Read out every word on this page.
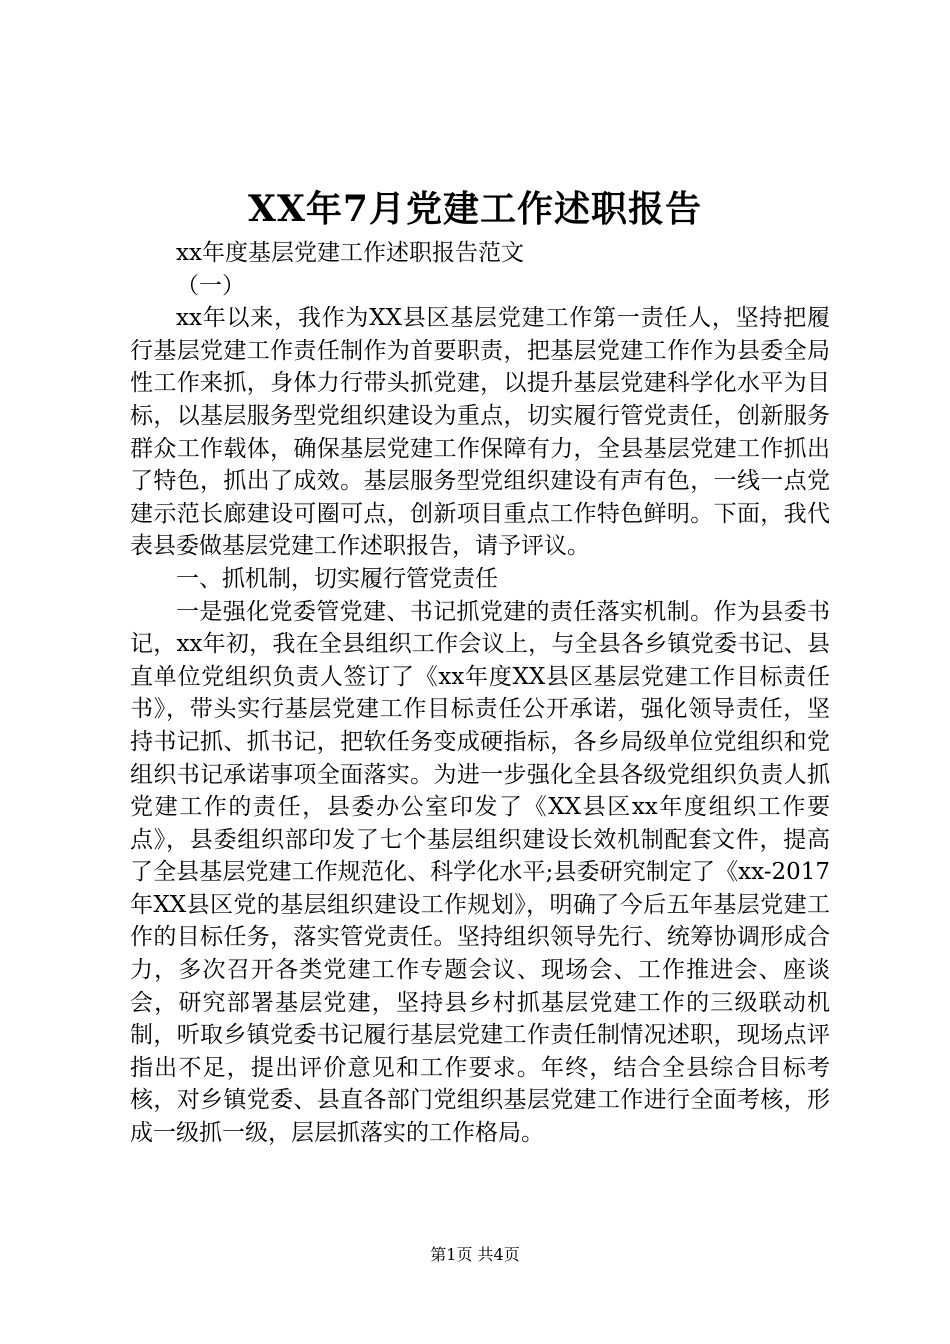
XX年7月党建工作述职报告

xx年度基层党建工作述职报告范文

（一）

xx年以来，我作为XX县区基层党建工作第一责任人，坚持把履行基层党建工作责任制作为首要职责，把基层党建工作作为县委全局性工作来抓，身体力行带头抓党建，以提升基层党建科学化水平为目标，以基层服务型党组织建设为重点，切实履行管党责任，创新服务群众工作载体，确保基层党建工作保障有力，全县基层党建工作抓出了特色，抓出了成效。基层服务型党组织建设有声有色，一线一点党建示范长廊建设可圈可点，创新项目重点工作特色鲜明。下面，我代表县委做基层党建工作述职报告，请予评议。

一、抓机制，切实履行管党责任

一是强化党委管党建、书记抓党建的责任落实机制。作为县委书记，xx年初，我在全县组织工作会议上，与全县各乡镇党委书记、县直单位党组织负责人签订了《xx年度XX县区基层党建工作目标责任书》，带头实行基层党建工作目标责任公开承诺，强化领导责任，坚持书记抓、抓书记，把软任务变成硬指标，各乡局级单位党组织和党组织书记承诺事项全面落实。为进一步强化全县各级党组织负责人抓党建工作的责任，县委办公室印发了《XX县区xx年度组织工作要点》，县委组织部印发了七个基层组织建设长效机制配套文件，提高了全县基层党建工作规范化、科学化水平;县委研究制定了《xx-2017年XX县区党的基层组织建设工作规划》，明确了今后五年基层党建工作的目标任务，落实管党责任。坚持组织领导先行、统筹协调形成合力，多次召开各类党建工作专题会议、现场会、工作推进会、座谈会，研究部署基层党建，坚持县乡村抓基层党建工作的三级联动机制，听取乡镇党委书记履行基层党建工作责任制情况述职，现场点评指出不足，提出评价意见和工作要求。年终，结合全县综合目标考核，对乡镇党委、县直各部门党组织基层党建工作进行全面考核，形成一级抓一级，层层抓落实的工作格局。

第1页 共4页
